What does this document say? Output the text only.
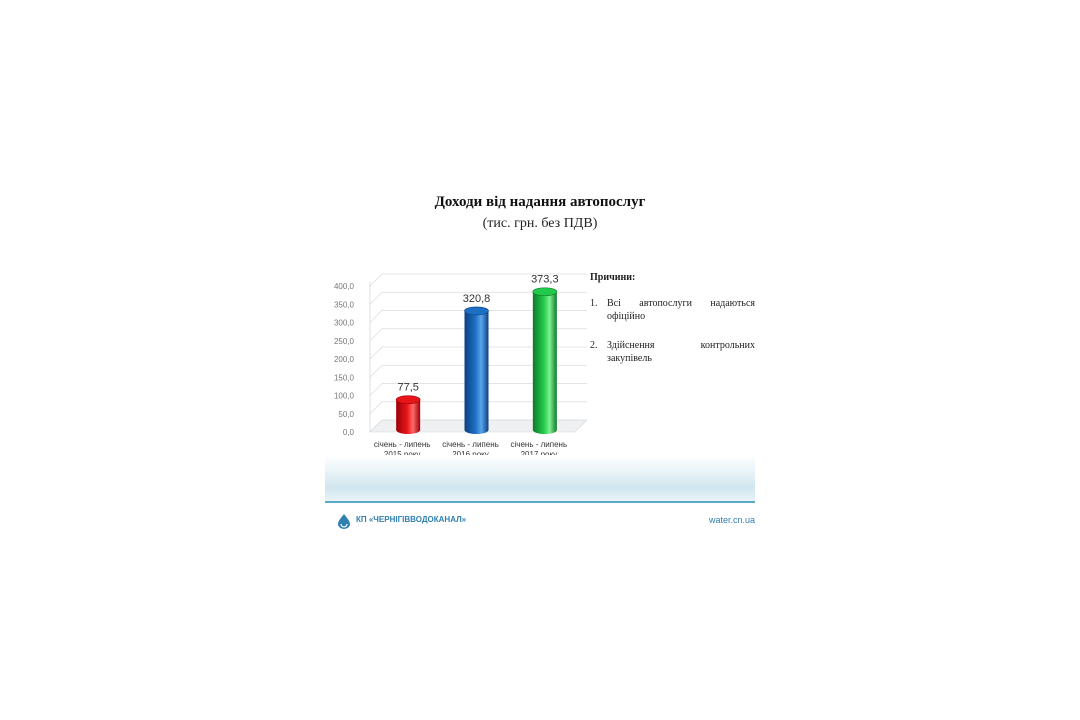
Доходи від надання автопослуг
(тис. грн. без ПДВ)
0,0
50,0
100,0
150,0
200,0
250,0
300,0
350,0
400,0
77,5
січень - липень
320,8
січень - липень
373,3
січень - липень
Причини:
1. Всі автопослуги надаються офіційно
2. Здійснення контрольних закупівель
КП «ЧЕРНІГІВВОДОКАНАЛ»	water.cn.ua
